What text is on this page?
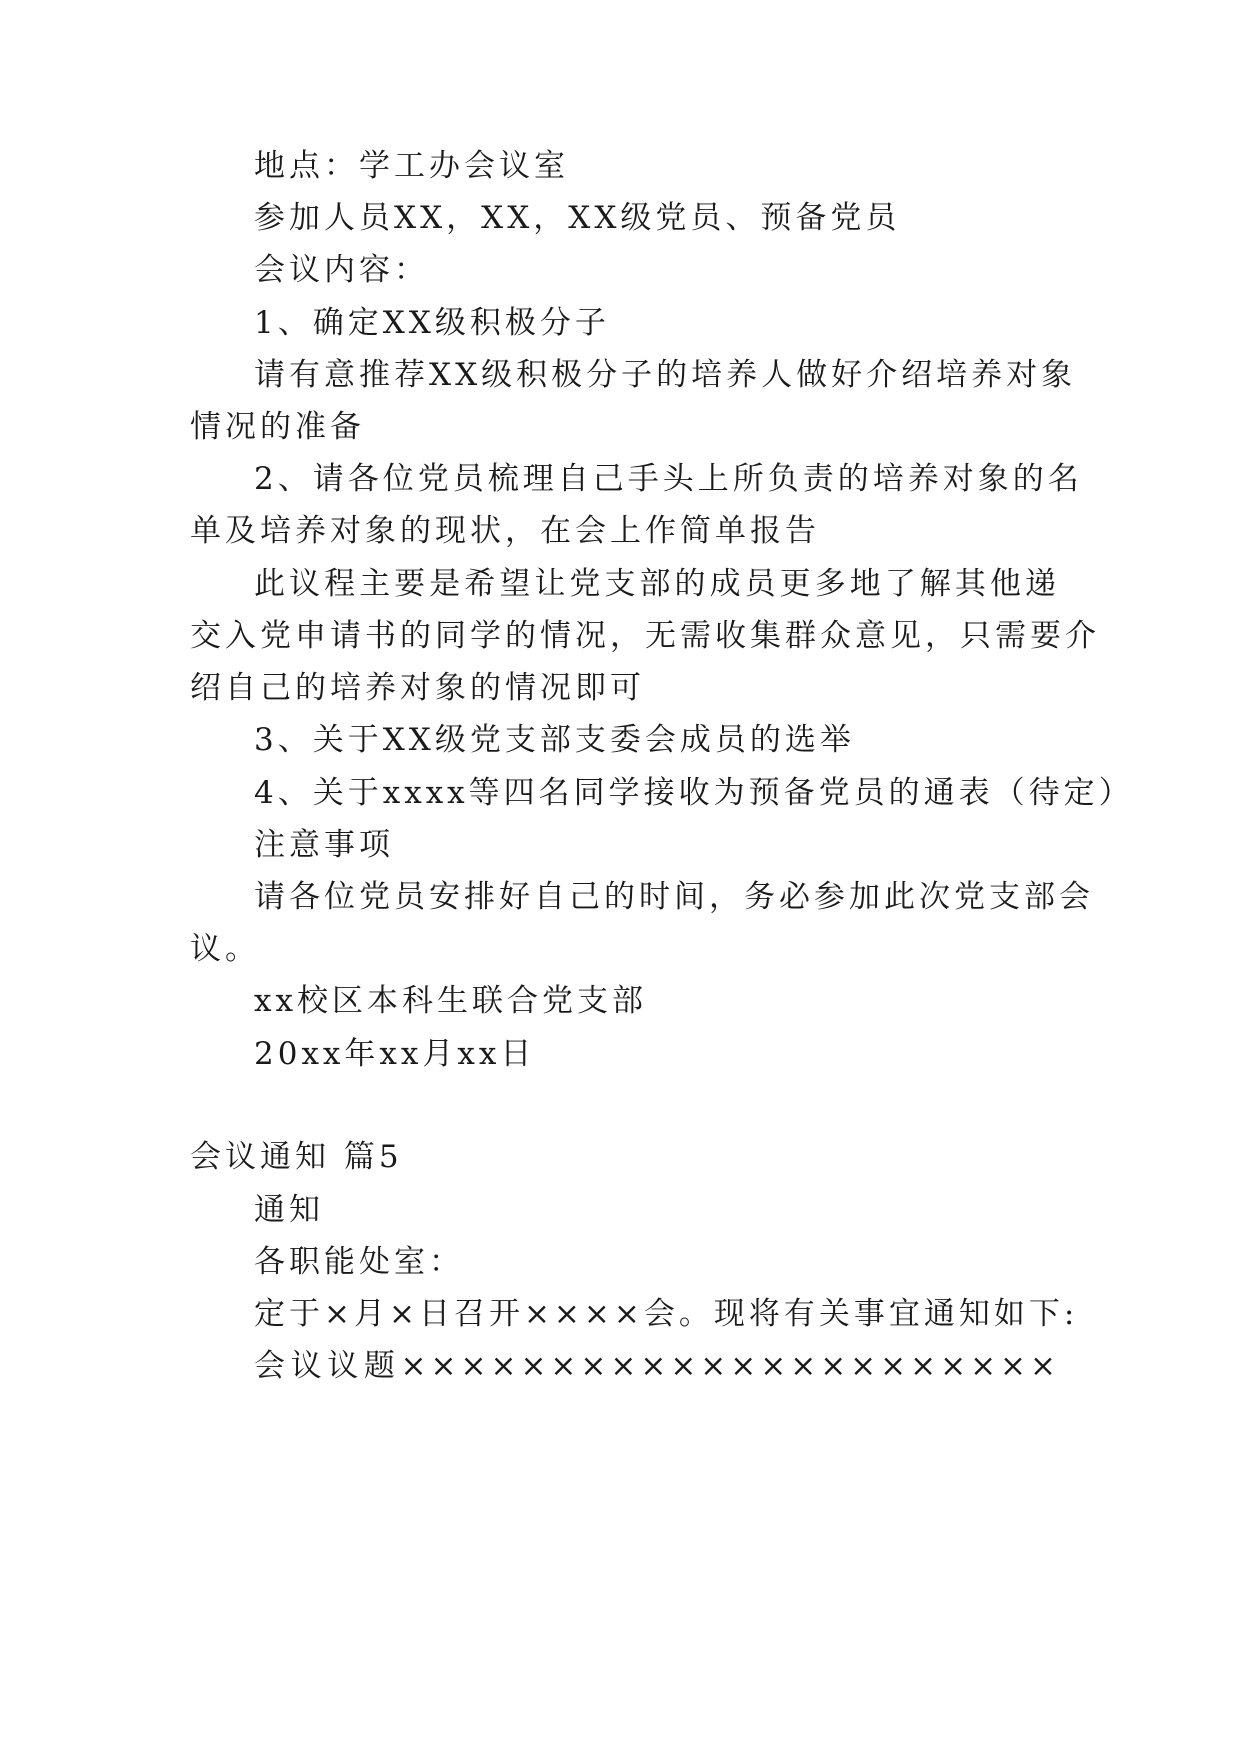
地点：学工办会议室
参加人员XX，XX，XX级党员、预备党员
会议内容：
1、确定XX级积极分子
请有意推荐XX级积极分子的培养人做好介绍培养对象
情况的准备
2、请各位党员梳理自己手头上所负责的培养对象的名
单及培养对象的现状，在会上作简单报告
此议程主要是希望让党支部的成员更多地了解其他递
交入党申请书的同学的情况，无需收集群众意见，只需要介
绍自己的培养对象的情况即可
3、关于XX级党支部支委会成员的选举
4、关于xxxx等四名同学接收为预备党员的通表（待定）
注意事项
请各位党员安排好自己的时间，务必参加此次党支部会
议。
xx校区本科生联合党支部
20xx年xx月xx日
会议通知 篇5
通知
各职能处室：
定于×月×日召开××××会。现将有关事宜通知如下:
会议议题××××××××××××××××××××××
